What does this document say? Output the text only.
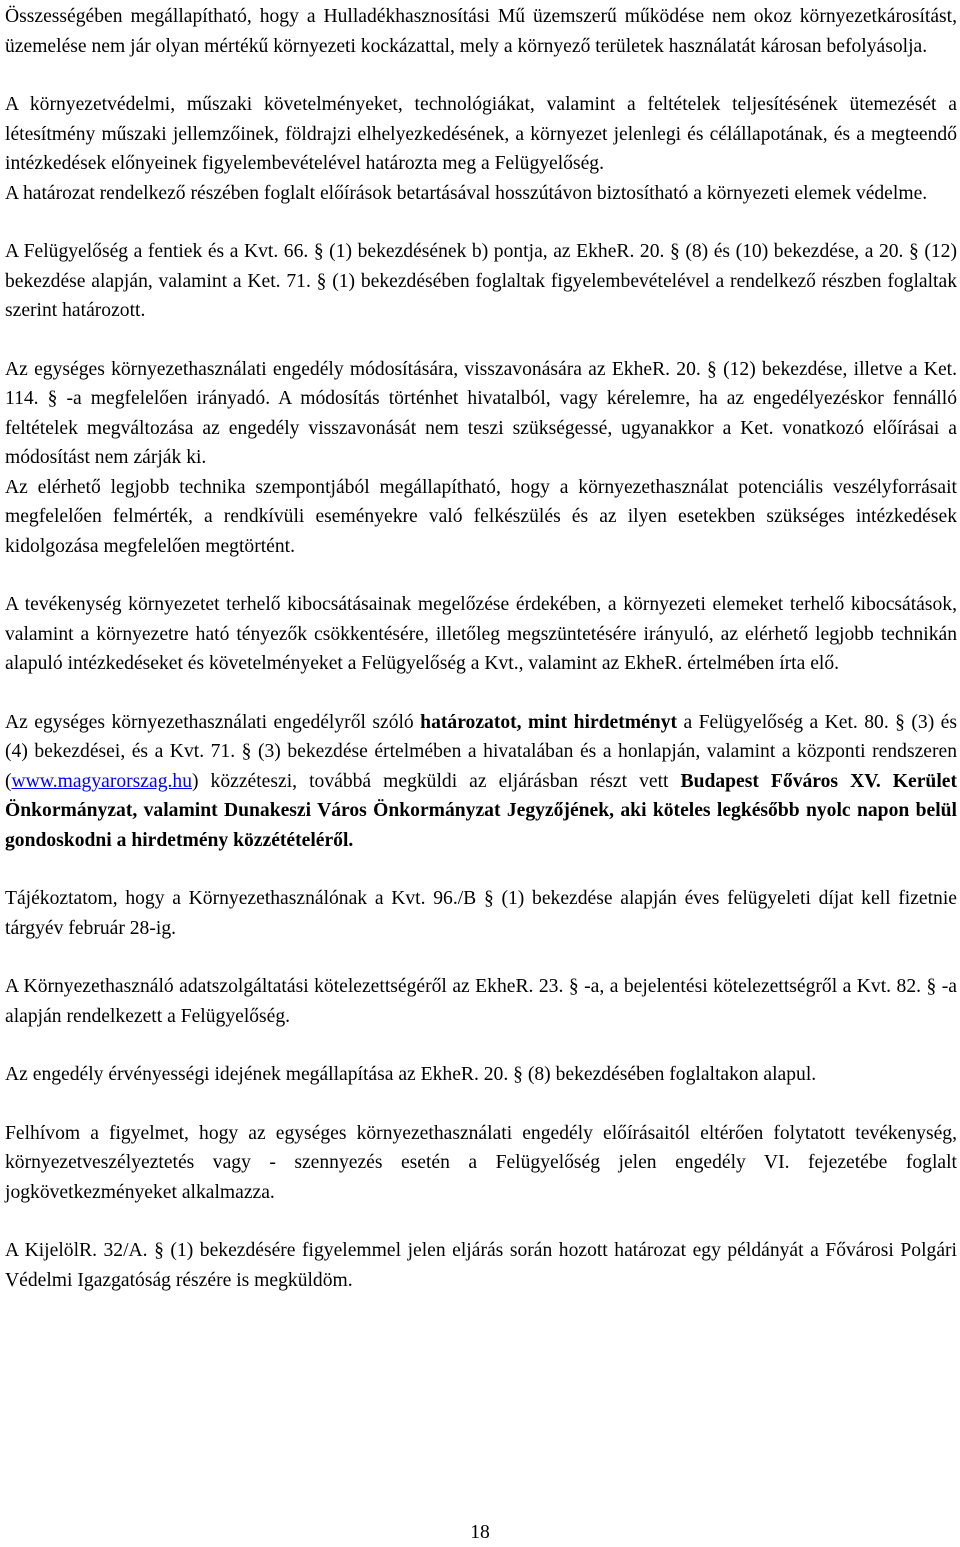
Összességében megállapítható, hogy a Hulladékhasznosítási Mű üzemszerű működése nem okoz környezetkárosítást, üzemelése nem jár olyan mértékű környezeti kockázattal, mely a környező területek használatát károsan befolyásolja.

A környezetvédelmi, műszaki követelményeket, technológiákat, valamint a feltételek teljesítésének ütemezését a létesítmény műszaki jellemzőinek, földrajzi elhelyezkedésének, a környezet jelenlegi és célállapotának, és a megteendő intézkedések előnyeinek figyelembevételével határozta meg a Felügyelőség.

A határozat rendelkező részében foglalt előírások betartásával hosszútávon biztosítható a környezeti elemek védelme.

A Felügyelőség a fentiek és a Kvt. 66. § (1) bekezdésének b) pontja, az EkheR. 20. § (8) és (10) bekezdése, a 20. § (12) bekezdése alapján, valamint a Ket. 71. § (1) bekezdésében foglaltak figyelembevételével a rendelkező részben foglaltak szerint határozott.

Az egységes környezethasználati engedély módosítására, visszavonására az EkheR. 20. § (12) bekezdése, illetve a Ket. 114. § -a megfelelően irányadó. A módosítás történhet hivatalból, vagy kérelemre, ha az engedélyezéskor fennálló feltételek megváltozása az engedély visszavonását nem teszi szükségessé, ugyanakkor a Ket. vonatkozó előírásai a módosítást nem zárják ki.

Az elérhető legjobb technika szempontjából megállapítható, hogy a környezethasználat potenciális veszélyforrásait megfelelően felmérték, a rendkívüli eseményekre való felkészülés és az ilyen esetekben szükséges intézkedések kidolgozása megfelelően megtörtént.

A tevékenység környezetet terhelő kibocsátásainak megelőzése érdekében, a környezeti elemeket terhelő kibocsátások, valamint a környezetre ható tényezők csökkentésére, illetőleg megszüntetésére irányuló, az elérhető legjobb technikán alapuló intézkedéseket és követelményeket a Felügyelőség a Kvt., valamint az EkheR. értelmében írta elő.

Az egységes környezethasználati engedélyről szóló határozatot, mint hirdetményt a Felügyelőség a Ket. 80. § (3) és (4) bekezdései, és a Kvt. 71. § (3) bekezdése értelmében a hivatalában és a honlapján, valamint a központi rendszeren (www.magyarorszag.hu) közzéteszi, továbbá megküldi az eljárásban részt vett Budapest Főváros XV. Kerület Önkormányzat, valamint Dunakeszi Város Önkormányzat Jegyzőjének, aki köteles legkésőbb nyolc napon belül gondoskodni a hirdetmény közzétételéről.

Tájékoztatom, hogy a Környezethasználónak a Kvt. 96./B § (1) bekezdése alapján éves felügyeleti díjat kell fizetnie tárgyév február 28-ig.

A Környezethasználó adatszolgáltatási kötelezettségéről az EkheR. 23. § -a, a bejelentési kötelezettségről a Kvt. 82. § -a alapján rendelkezett a Felügyelőség.

Az engedély érvényességi idejének megállapítása az EkheR. 20. § (8) bekezdésében foglaltakon alapul.

Felhívom a figyelmet, hogy az egységes környezethasználati engedély előírásaitól eltérően folytatott tevékenység, környezetveszélyeztetés vagy - szennyezés esetén a Felügyelőség jelen engedély VI. fejezetébe foglalt jogkövetkezményeket alkalmazza.

A KijelölR. 32/A. § (1) bekezdésére figyelemmel jelen eljárás során hozott határozat egy példányát a Fővárosi Polgári Védelmi Igazgatóság részére is megküldöm.

18
